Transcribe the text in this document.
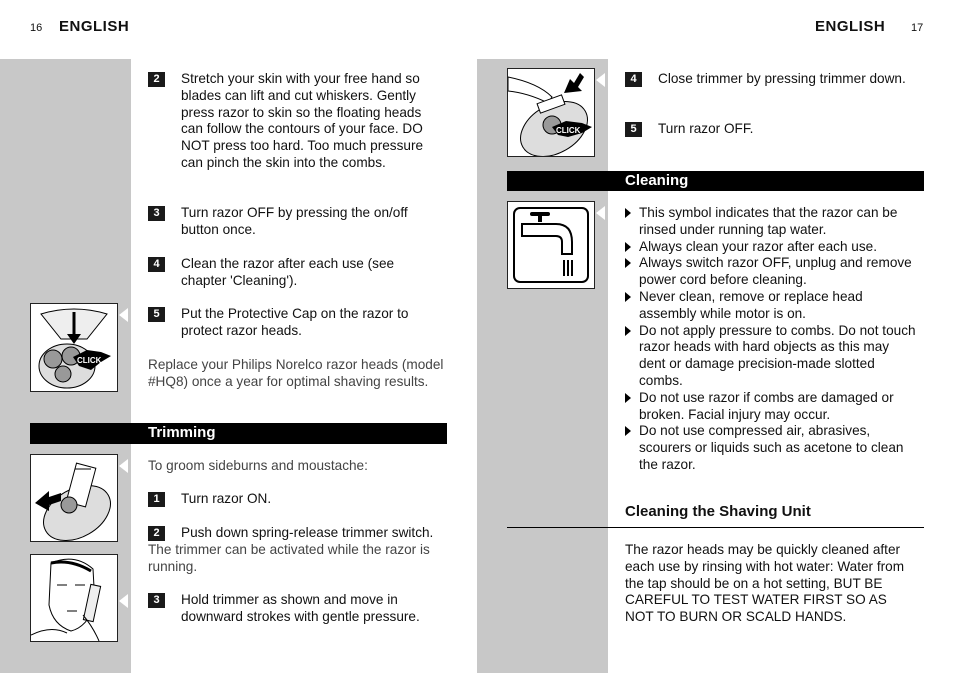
16 ENGLISH
2	Stretch your skin with your free hand so blades can lift and cut whiskers. Gently press razor to skin so the floating heads can follow the contours of your face. DO NOT press too hard. Too much pressure can pinch the skin into the combs.
3	Turn razor OFF by pressing the on/off button once.
4	Clean the razor after each use (see chapter 'Cleaning').
5	Put the Protective Cap on the razor to protect razor heads.
Replace your Philips Norelco razor heads (model #HQ8) once a year for optimal shaving results.
CLICK
Trimming
To groom sideburns and moustache:
1	Turn razor ON.
2	Push down spring-release trimmer switch.
The trimmer can be activated while the razor is running.
3	Hold trimmer as shown and move in downward strokes with gentle pressure.
ENGLISH 17
CLICK
4	Close trimmer by pressing trimmer down.
5	Turn razor OFF.
Cleaning
This symbol indicates that the razor can be rinsed under running tap water.
Always clean your razor after each use.
Always switch razor OFF, unplug and remove power cord before cleaning.
Never clean, remove or replace head assembly while motor is on.
Do not apply pressure to combs. Do not touch razor heads with hard objects as this may dent or damage precision-made slotted combs.
Do not use razor if combs are damaged or broken. Facial injury may occur.
Do not use compressed air, abrasives, scourers or liquids such as acetone to clean the razor.
Cleaning the Shaving Unit
The razor heads may be quickly cleaned after each use by rinsing with hot water: Water from the tap should be on a hot setting, BUT BE CAREFUL TO TEST WATER FIRST SO AS NOT TO BURN OR SCALD HANDS.
